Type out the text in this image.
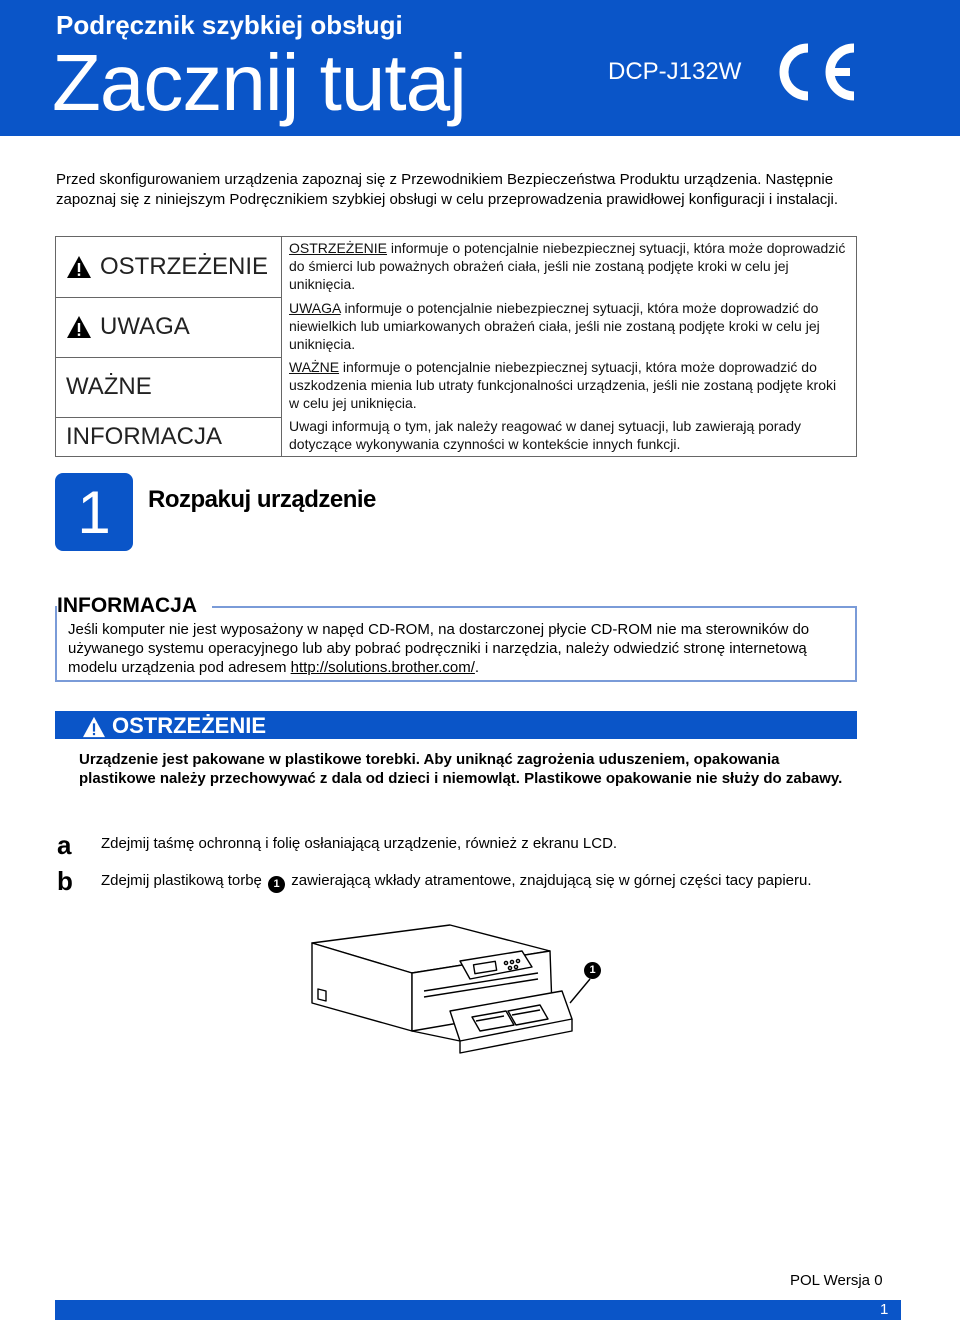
Podręcznik szybkiej obsługi
Zacznij tutaj	DCP-J132W
Przed skonfigurowaniem urządzenia zapoznaj się z Przewodnikiem Bezpieczeństwa Produktu urządzenia. Następnie zapoznaj się z niniejszym Podręcznikiem szybkiej obsługi w celu przeprowadzenia prawidłowej konfiguracji i instalacji.
OSTRZEŻENIE
UWAGA
WAŻNE
INFORMACJA
OSTRZEŻENIE informuje o potencjalnie niebezpiecznej sytuacji, która może doprowadzić do śmierci lub poważnych obrażeń ciała, jeśli nie zostaną podjęte kroki w celu jej uniknięcia.
UWAGA informuje o potencjalnie niebezpiecznej sytuacji, która może doprowadzić do niewielkich lub umiarkowanych obrażeń ciała, jeśli nie zostaną podjęte kroki w celu jej uniknięcia.
WAŻNE informuje o potencjalnie niebezpiecznej sytuacji, która może doprowadzić do uszkodzenia mienia lub utraty funkcjonalności urządzenia, jeśli nie zostaną podjęte kroki w celu jej uniknięcia.
Uwagi informują o tym, jak należy reagować w danej sytuacji, lub zawierają porady dotyczące wykonywania czynności w kontekście innych funkcji.
1	Rozpakuj urządzenie
INFORMACJA
Jeśli komputer nie jest wyposażony w napęd CD-ROM, na dostarczonej płycie CD-ROM nie ma sterowników do używanego systemu operacyjnego lub aby pobrać podręczniki i narzędzia, należy odwiedzić stronę internetową modelu urządzenia pod adresem http://solutions.brother.com/.
OSTRZEŻENIE
Urządzenie jest pakowane w plastikowe torebki. Aby uniknąć zagrożenia uduszeniem, opakowania plastikowe należy przechowywać z dala od dzieci i niemowląt. Plastikowe opakowanie nie służy do zabawy.
a Zdejmij taśmę ochronną i folię osłaniającą urządzenie, również z ekranu LCD.
b Zdejmij plastikową torbę 1 zawierającą wkłady atramentowe, znajdującą się w górnej części tacy papieru.
1
POL Wersja 0
1
